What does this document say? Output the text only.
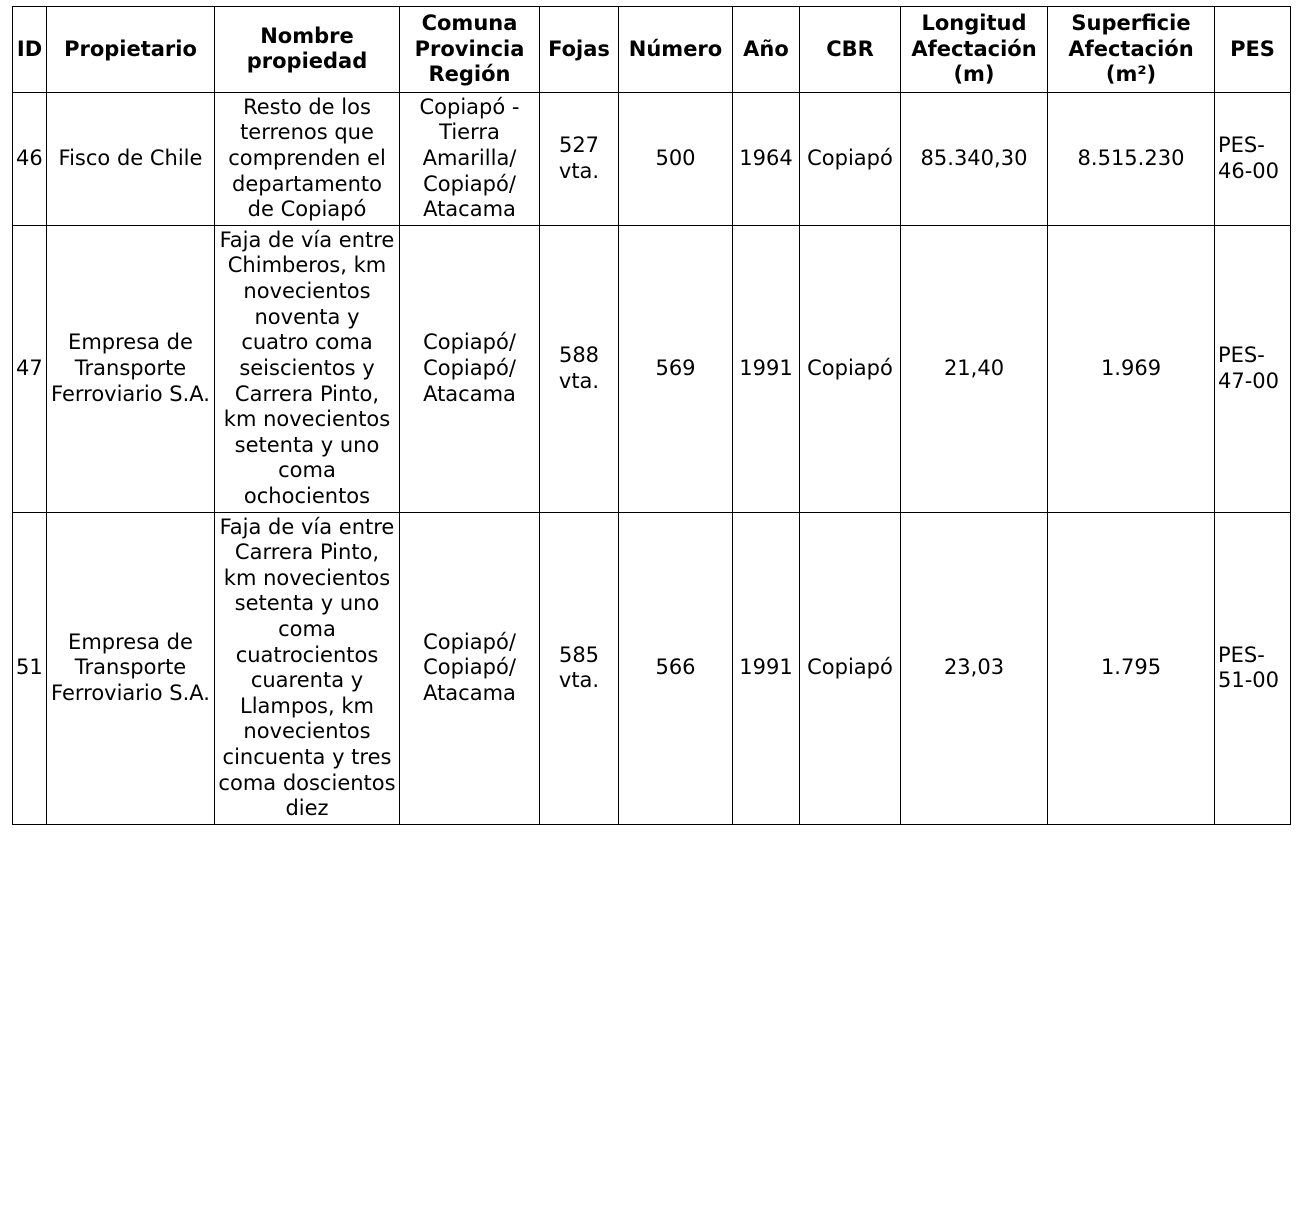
ID	Propietario	Nombre propiedad	Comuna Provincia Región	Fojas	Número	Año	CBR	Longitud Afectación (m)	Superficie Afectación (m²)	PES
46	Fisco de Chile	Resto de los terrenos que comprenden el departamento de Copiapó	Copiapó - Tierra Amarilla/ Copiapó/ Atacama	527 vta.	500	1964	Copiapó	85.340,30	8.515.230	PES-46-00
47	Empresa de Transporte Ferroviario S.A.	Faja de vía entre Chimberos, km novecientos noventa y cuatro coma seiscientos y Carrera Pinto, km novecientos setenta y uno coma ochocientos	Copiapó/ Copiapó/ Atacama	588 vta.	569	1991	Copiapó	21,40	1.969	PES-47-00
51	Empresa de Transporte Ferroviario S.A.	Faja de vía entre Carrera Pinto, km novecientos setenta y uno coma cuatrocientos cuarenta y Llampos, km novecientos cincuenta y tres coma doscientos diez	Copiapó/ Copiapó/ Atacama	585 vta.	566	1991	Copiapó	23,03	1.795	PES-51-00
